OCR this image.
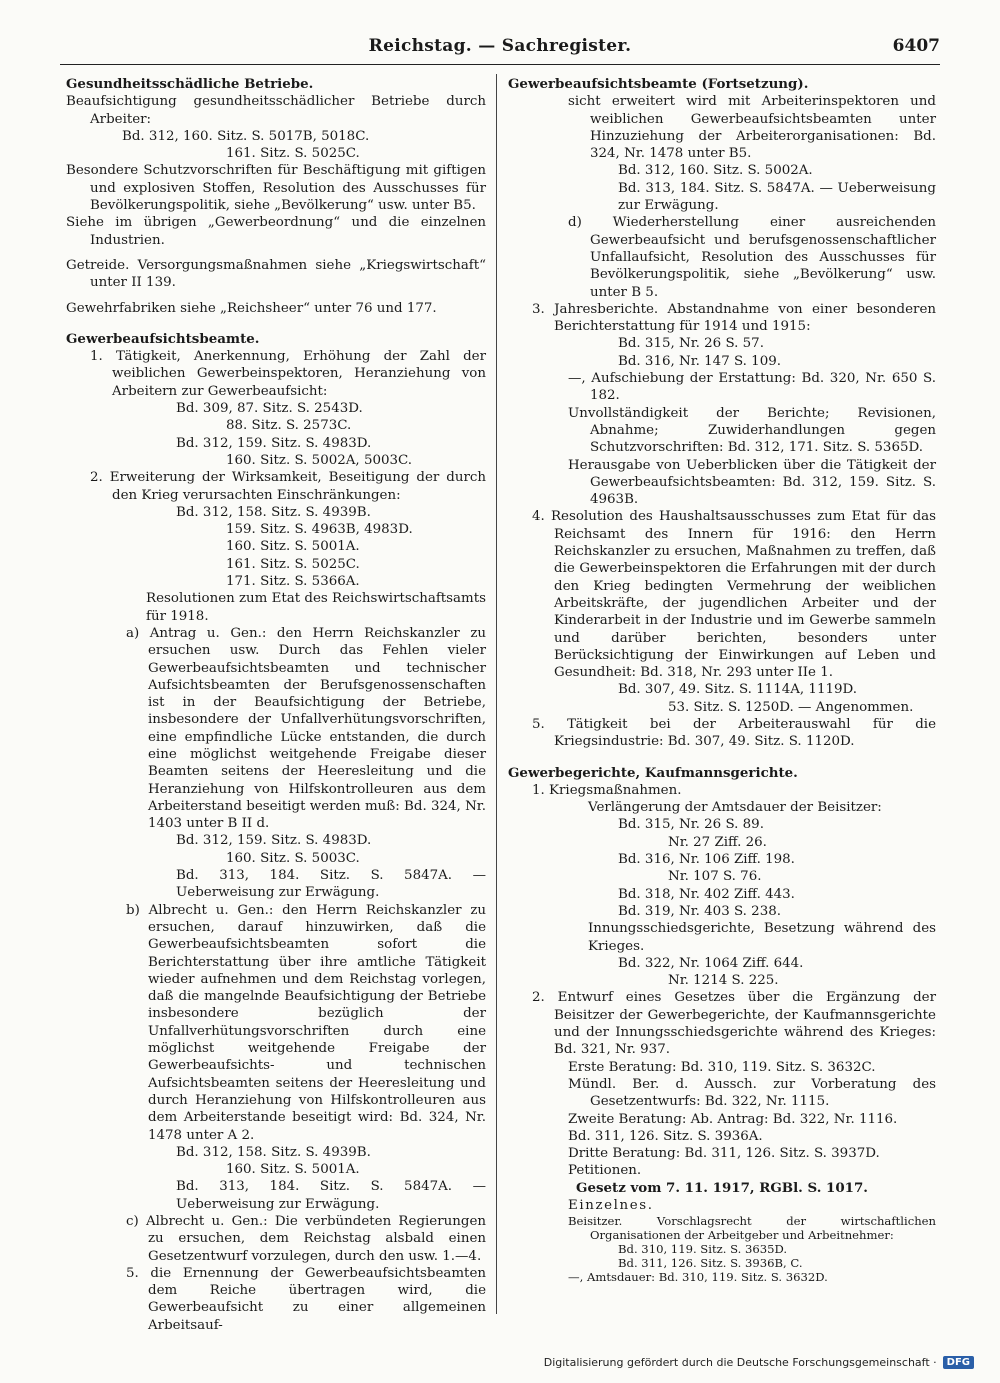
Reichstag. — Sachregister.	6407
Gesundheitsschädliche Betriebe.
Beaufsichtigung gesundheitsschädlicher Betriebe durch Arbeiter:
Bd. 312, 160. Sitz. S. 5017B, 5018C.
161. Sitz. S. 5025C.
Besondere Schutzvorschriften für Beschäftigung mit giftigen und explosiven Stoffen, Resolution des Ausschusses für Bevölkerungspolitik, siehe „Bevölkerung“ usw. unter B5.
Siehe im übrigen „Gewerbeordnung“ und die einzelnen Industrien.
Getreide. Versorgungsmaßnahmen siehe „Kriegswirtschaft“ unter II 139.
Gewehrfabriken siehe „Reichsheer“ unter 76 und 177.
Gewerbeaufsichtsbeamte.
1. Tätigkeit, Anerkennung, Erhöhung der Zahl der weiblichen Gewerbeinspektoren, Heranziehung von Arbeitern zur Gewerbeaufsicht:
Bd. 309, 87. Sitz. S. 2543D.
88. Sitz. S. 2573C.
Bd. 312, 159. Sitz. S. 4983D.
160. Sitz. S. 5002A, 5003C.
2. Erweiterung der Wirksamkeit, Beseitigung der durch den Krieg verursachten Einschränkungen:
Bd. 312, 158. Sitz. S. 4939B.
159. Sitz. S. 4963B, 4983D.
160. Sitz. S. 5001A.
161. Sitz. S. 5025C.
171. Sitz. S. 5366A.
Resolutionen zum Etat des Reichswirtschaftsamts für 1918.
a) Antrag u. Gen.: den Herrn Reichskanzler zu ersuchen usw. Durch das Fehlen vieler Gewerbeaufsichtsbeamten und technischer Aufsichtsbeamten der Berufsgenossenschaften ist in der Beaufsichtigung der Betriebe, insbesondere der Unfallverhütungsvorschriften, eine empfindliche Lücke entstanden, die durch eine möglichst weitgehende Freigabe dieser Beamten seitens der Heeresleitung und die Heranziehung von Hilfskontrolleuren aus dem Arbeiterstand beseitigt werden muß: Bd. 324, Nr. 1403 unter B II d.
Bd. 312, 159. Sitz. S. 4983D.
160. Sitz. S. 5003C.
Bd. 313, 184. Sitz. S. 5847A. — Ueberweisung zur Erwägung.
b) Albrecht u. Gen.: den Herrn Reichskanzler zu ersuchen, darauf hinzuwirken, daß die Gewerbeaufsichtsbeamten sofort die Berichterstattung über ihre amtliche Tätigkeit wieder aufnehmen und dem Reichstag vorlegen, daß die mangelnde Beaufsichtigung der Betriebe insbesondere bezüglich der Unfallverhütungsvorschriften durch eine möglichst weitgehende Freigabe der Gewerbeaufsichts- und technischen Aufsichtsbeamten seitens der Heeresleitung und durch Heranziehung von Hilfskontrolleuren aus dem Arbeiterstande beseitigt wird: Bd. 324, Nr. 1478 unter A 2.
Bd. 312, 158. Sitz. S. 4939B.
160. Sitz. S. 5001A.
Bd. 313, 184. Sitz. S. 5847A. — Ueberweisung zur Erwägung.
c) Albrecht u. Gen.: Die verbündeten Regierungen zu ersuchen, dem Reichstag alsbald einen Gesetzentwurf vorzulegen, durch den usw. 1.—4.
5. die Ernennung der Gewerbeaufsichtsbeamten dem Reiche übertragen wird, die Gewerbeaufsicht zu einer allgemeinen Arbeitsauf-
Gewerbeaufsichtsbeamte (Fortsetzung).
sicht erweitert wird mit Arbeiterinspektoren und weiblichen Gewerbeaufsichtsbeamten unter Hinzuziehung der Arbeiterorganisationen: Bd. 324, Nr. 1478 unter B5.
Bd. 312, 160. Sitz. S. 5002A.
Bd. 313, 184. Sitz. S. 5847A. — Ueberweisung zur Erwägung.
d) Wiederherstellung einer ausreichenden Gewerbeaufsicht und berufsgenossenschaftlicher Unfallaufsicht, Resolution des Ausschusses für Bevölkerungspolitik, siehe „Bevölkerung“ usw. unter B 5.
3. Jahresberichte. Abstandnahme von einer besonderen Berichterstattung für 1914 und 1915:
Bd. 315, Nr. 26 S. 57.
Bd. 316, Nr. 147 S. 109.
—, Aufschiebung der Erstattung: Bd. 320, Nr. 650 S. 182.
Unvollständigkeit der Berichte; Revisionen, Abnahme; Zuwiderhandlungen gegen Schutzvorschriften: Bd. 312, 171. Sitz. S. 5365D.
Herausgabe von Ueberblicken über die Tätigkeit der Gewerbeaufsichtsbeamten: Bd. 312, 159. Sitz. S. 4963B.
4. Resolution des Haushaltsausschusses zum Etat für das Reichsamt des Innern für 1916: den Herrn Reichskanzler zu ersuchen, Maßnahmen zu treffen, daß die Gewerbeinspektoren die Erfahrungen mit der durch den Krieg bedingten Vermehrung der weiblichen Arbeitskräfte, der jugendlichen Arbeiter und der Kinderarbeit in der Industrie und im Gewerbe sammeln und darüber berichten, besonders unter Berücksichtigung der Einwirkungen auf Leben und Gesundheit: Bd. 318, Nr. 293 unter IIe 1.
Bd. 307, 49. Sitz. S. 1114A, 1119D.
53. Sitz. S. 1250D. — Angenommen.
5. Tätigkeit bei der Arbeiterauswahl für die Kriegsindustrie: Bd. 307, 49. Sitz. S. 1120D.
Gewerbegerichte, Kaufmannsgerichte.
1. Kriegsmaßnahmen.
Verlängerung der Amtsdauer der Beisitzer:
Bd. 315, Nr. 26 S. 89.
Nr. 27 Ziff. 26.
Bd. 316, Nr. 106 Ziff. 198.
Nr. 107 S. 76.
Bd. 318, Nr. 402 Ziff. 443.
Bd. 319, Nr. 403 S. 238.
Innungsschiedsgerichte, Besetzung während des Krieges.
Bd. 322, Nr. 1064 Ziff. 644.
Nr. 1214 S. 225.
2. Entwurf eines Gesetzes über die Ergänzung der Beisitzer der Gewerbegerichte, der Kaufmannsgerichte und der Innungsschiedsgerichte während des Krieges: Bd. 321, Nr. 937.
Erste Beratung: Bd. 310, 119. Sitz. S. 3632C.
Mündl. Ber. d. Aussch. zur Vorberatung des Gesetzentwurfs: Bd. 322, Nr. 1115.
Zweite Beratung: Ab. Antrag: Bd. 322, Nr. 1116.
Bd. 311, 126. Sitz. S. 3936A.
Dritte Beratung: Bd. 311, 126. Sitz. S. 3937D.
Petitionen.
Gesetz vom 7. 11. 1917, RGBl. S. 1017.
Einzelnes.
Beisitzer. Vorschlagsrecht der wirtschaftlichen Organisationen der Arbeitgeber und Arbeitnehmer:
Bd. 310, 119. Sitz. S. 3635D.
Bd. 311, 126. Sitz. S. 3936B, C.
—, Amtsdauer: Bd. 310, 119. Sitz. S. 3632D.
Digitalisierung gefördert durch die Deutsche Forschungsgemeinschaft ·	DFG
